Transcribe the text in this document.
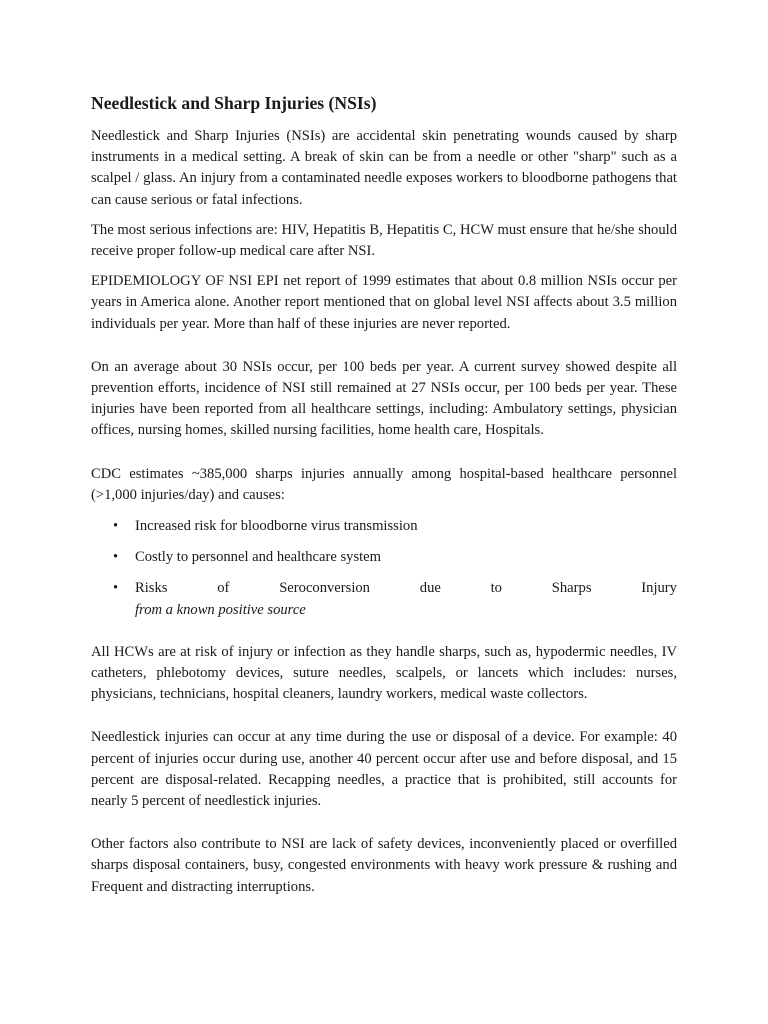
Needlestick and Sharp Injuries (NSIs)

Needlestick and Sharp Injuries (NSIs) are accidental skin penetrating wounds caused by sharp instruments in a medical setting. A break of skin can be from a needle or other "sharp" such as a scalpel / glass. An injury from a contaminated needle exposes workers to bloodborne pathogens that can cause serious or fatal infections.

The most serious infections are: HIV, Hepatitis B, Hepatitis C, HCW must ensure that he/she should receive proper follow-up medical care after NSI.

EPIDEMIOLOGY OF NSI EPI net report of 1999 estimates that about 0.8 million NSIs occur per years in America alone. Another report mentioned that on global level NSI affects about 3.5 million individuals per year. More than half of these injuries are never reported.

On an average about 30 NSIs occur, per 100 beds per year. A current survey showed despite all prevention efforts, incidence of NSI still remained at 27 NSIs occur, per 100 beds per year. These injuries have been reported from all healthcare settings, including: Ambulatory settings, physician offices, nursing homes, skilled nursing facilities, home health care, Hospitals.

CDC estimates ~385,000 sharps injuries annually among hospital-based healthcare personnel (>1,000 injuries/day) and causes:

• Increased risk for bloodborne virus transmission
• Costly to personnel and healthcare system
• Risks	of	Seroconversion	due	to	Sharps	Injury
from a known positive source

All HCWs are at risk of injury or infection as they handle sharps, such as, hypodermic needles, IV catheters, phlebotomy devices, suture needles, scalpels, or lancets which includes: nurses, physicians, technicians, hospital cleaners, laundry workers, medical waste collectors.

Needlestick injuries can occur at any time during the use or disposal of a device. For example: 40 percent of injuries occur during use, another 40 percent occur after use and before disposal, and 15 percent are disposal-related. Recapping needles, a practice that is prohibited, still accounts for nearly 5 percent of needlestick injuries.

Other factors also contribute to NSI are lack of safety devices, inconveniently placed or overfilled sharps disposal containers, busy, congested environments with heavy work pressure & rushing and Frequent and distracting interruptions.
